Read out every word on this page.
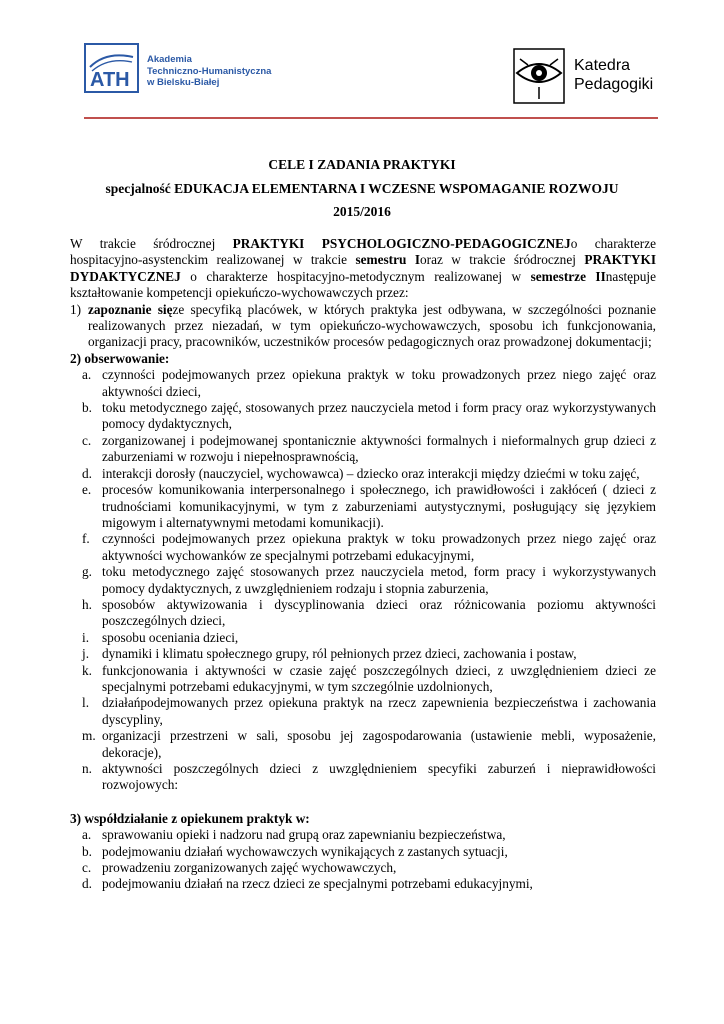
ATH
Akademia
Techniczno-Humanistyczna
w Bielsku-Białej
Katedra
Pedagogiki
CELE I ZADANIA PRAKTYKI
specjalność EDUKACJA ELEMENTARNA I WCZESNE WSPOMAGANIE ROZWOJU
2015/2016

W trakcie śródrocznej PRAKTYKI PSYCHOLOGICZNO-PEDAGOGICZNEJo charakterze hospitacyjno-asystenckim realizowanej w trakcie semestru Ioraz w trakcie śródrocznej PRAKTYKI DYDAKTYCZNEJ o charakterze hospitacyjno-metodycznym realizowanej w semestrze IInastępuje kształtowanie kompetencji opiekuńczo-wychowawczych przez:

1) zapoznanie sięze specyfiką placówek, w których praktyka jest odbywana, w szczególności poznanie realizowanych przez niezadań, w tym opiekuńczo-wychowawczych, sposobu ich funkcjonowania, organizacji pracy, pracowników, uczestników procesów pedagogicznych oraz prowadzonej dokumentacji;

2) obserwowanie:

a. czynności podejmowanych przez opiekuna praktyk w toku prowadzonych przez niego zajęć oraz aktywności dzieci,
b. toku metodycznego zajęć, stosowanych przez nauczyciela metod i form pracy oraz wykorzystywanych pomocy dydaktycznych,
c. zorganizowanej i podejmowanej spontanicznie aktywności formalnych i nieformalnych grup dzieci z zaburzeniami w rozwoju i niepełnosprawnością,
d. interakcji dorosły (nauczyciel, wychowawca) – dziecko oraz interakcji między dziećmi w toku zajęć,
e. procesów komunikowania interpersonalnego i społecznego, ich prawidłowości i zakłóceń ( dzieci z trudnościami komunikacyjnymi, w tym z zaburzeniami autystycznymi, posługujący się językiem migowym i alternatywnymi metodami komunikacji).
f. czynności podejmowanych przez opiekuna praktyk w toku prowadzonych przez niego zajęć oraz aktywności wychowanków ze specjalnymi potrzebami edukacyjnymi,
g. toku metodycznego zajęć stosowanych przez nauczyciela metod, form pracy i wykorzystywanych pomocy dydaktycznych, z uwzględnieniem rodzaju i stopnia zaburzenia,
h. sposobów aktywizowania i dyscyplinowania dzieci oraz różnicowania poziomu aktywności poszczególnych dzieci,
i. sposobu oceniania dzieci,
j. dynamiki i klimatu społecznego grupy, ról pełnionych przez dzieci, zachowania i postaw,
k. funkcjonowania i aktywności w czasie zajęć poszczególnych dzieci, z uwzględnieniem dzieci ze specjalnymi potrzebami edukacyjnymi, w tym szczególnie uzdolnionych,
l. działańpodejmowanych przez opiekuna praktyk na rzecz zapewnienia bezpieczeństwa i zachowania dyscypliny,
m. organizacji przestrzeni w sali, sposobu jej zagospodarowania (ustawienie mebli, wyposażenie, dekoracje),
n. aktywności poszczególnych dzieci z uwzględnieniem specyfiki zaburzeń i nieprawidłowości rozwojowych:

3) współdziałanie z opiekunem praktyk w:

a. sprawowaniu opieki i nadzoru nad grupą oraz zapewnianiu bezpieczeństwa,
b. podejmowaniu działań wychowawczych wynikających z zastanych sytuacji,
c. prowadzeniu zorganizowanych zajęć wychowawczych,
d. podejmowaniu działań na rzecz dzieci ze specjalnymi potrzebami edukacyjnymi,
